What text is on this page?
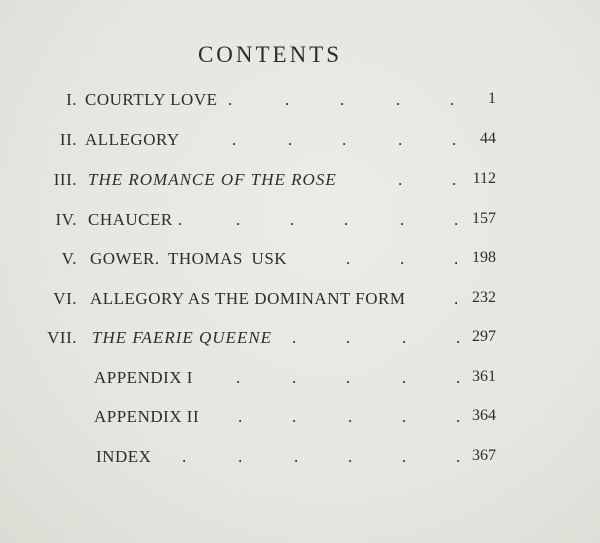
CONTENTS
I. COURTLY LOVE .	.	.	.	. 1
II. ALLEGORY	.	.	.	.	. 44
III. THE ROMANCE OF THE ROSE	.	. 112
IV. CHAUCER .	.	.	.	.	. 157
V. GOWER. THOMAS USK	.	.	. 198
VI. ALLEGORY AS THE DOMINANT FORM	. 232
VII. THE FAERIE QUEENE .	.	.	. 297
APPENDIX I	.	.	.	.	. 361
APPENDIX II .	.	.	.	. 364
INDEX .	.	.	.	.	. 367
